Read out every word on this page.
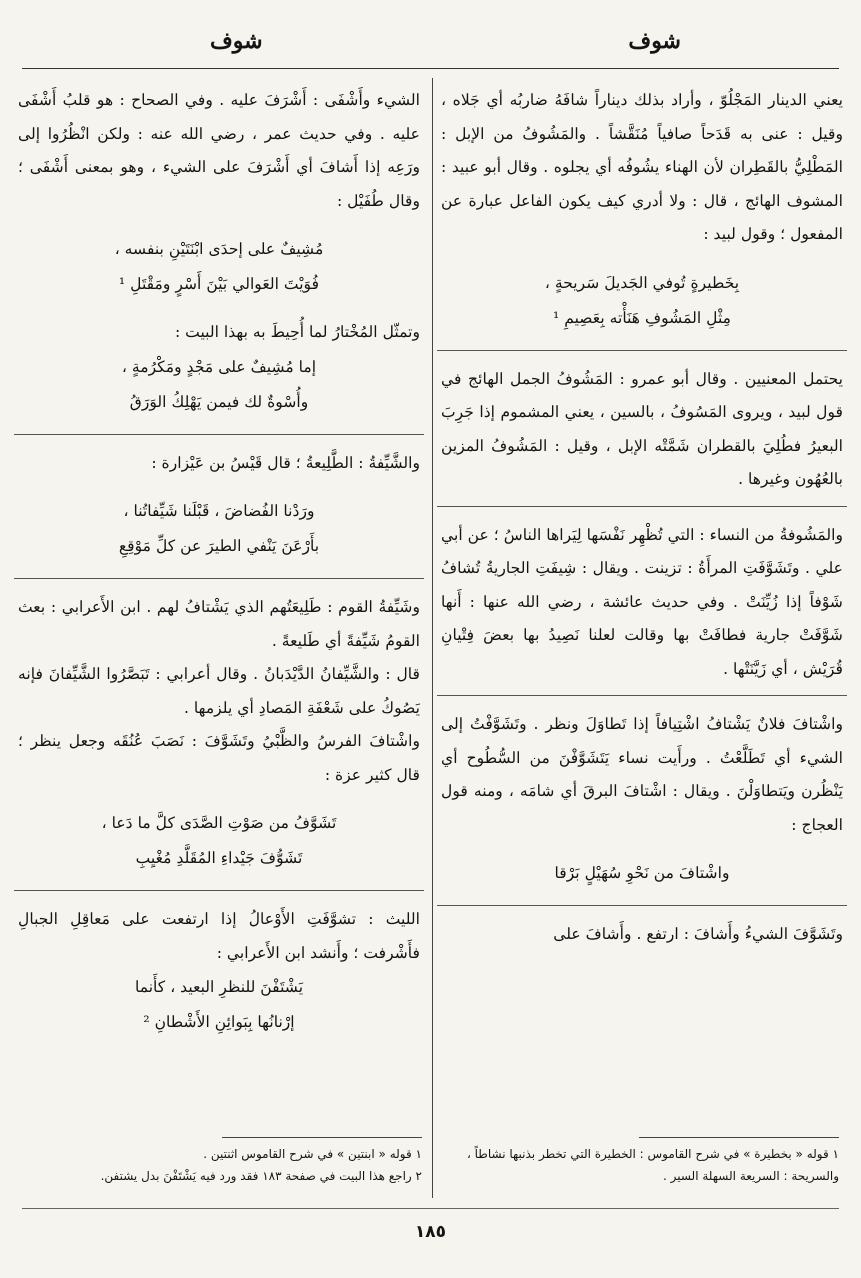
شوف
شوف

يعني الدينار المَجْلُوّ ، وأراد بذلك ديناراً شافَهُ ضاربُه أي جَلاه ، وقيل : عنى به قَدَحاً صافياً مُنَقَّشاً . والمَشُوفُ من الإبل : المَطْلِيُّ بالقَطِران لأن الهناء يشُوفُه أي يجلوه . وقال أبو عبيد : المشوف الهائج ، قال : ولا أدري كيف يكون الفاعل عبارة عن المفعول ؛ وقول لبيد :

بِخَطيرةٍ تُوفي الجَديلَ سَريحةٍ ،
مِثْلِ المَشُوفِ هَنَأْته بِعَصِيمِ ¹

يحتمل المعنيين . وقال أبو عمرو : المَشُوفُ الجمل الهائج في قول لبيد ، ويروى المَسُوفُ ، بالسين ، يعني المشموم إذا جَرِبَ البعيرُ فطُلِيَ بالقطران شَمَّتْه الإبل ، وقيل : المَشُوفُ المزين بالعُهُون وغيرها .

والمَشُوفةُ من النساء : التي تُظْهِر نَفْسَها لِيَراها الناسُ ؛ عن أبي علي . وتَشَوَّفَتِ المرأَةُ : تزينت . ويقال : شِيفَتِ الجاريةُ تُشافُ شَوْفاً إذا زُيِّنَتْ . وفي حديث عائشة ، رضي الله عنها : أَنها شَوَّفَتْ جارية فطافَتْ بها وقالت لعلنا نَصِيدُ بها بعضَ فِتْيانِ قُرَيْش ، أي زَيَّنَتْها .

واشْتافَ فلانٌ يَشْتافُ اشْتِيافاً إذا تَطاوَلَ ونظر . وتَشَوَّفْتُ إلى الشيء أي تَطَلَّعْتُ . ورأَيت نساء يَتَشَوَّفْنَ من السُّطُوح أي يَنْظُرن ويَتطاوَلْنَ . ويقال : اشْتافَ البرقَ أي شامَه ، ومنه قول العجاج :

واشْتافَ من نَحْوِ سُهَيْلٍ بَرْقا

وتَشَوَّفَ الشيءُ وأَشافَ : ارتفع . وأَشافَ على

الشيء وأَشْفَى : أَشْرَفَ عليه . وفي الصحاح : هو قلبُ أَشْفَى عليه . وفي حديث عمر ، رضي الله عنه : ولكن انْظُرُوا إلى ورَعِه إذا أَشافَ أي أَشْرَفَ على الشيء ، وهو بمعنى أَشْفَى ؛ وقال طُفَيْل :

مُشِيفٌ على إحدَى ابْنَتَيْنِ بنفسه ،
فُوَيْتَ العَوالي بَيْنَ أَسْرٍ ومَقْتَلِ ¹

وتمثّل المُخْتارُ لما أُحِيطَ به بهذا البيت :

إما مُشِيفٌ على مَجْدٍ ومَكْرُمةٍ ،
وأُسْوةٌ لك فيمن يَهْلِكُ الوَرَقُ

والشَّيِّفةُ : الطَّلِيعةُ ؛ قال قَيْسُ بن عَيْزارة :

ورَدْنا الفُضاضَ ، قَبْلَنا شَيِّفاتُنا ،
بأَرْعَنَ يَنْفي الطيرَ عن كلِّ مَوْقِعِ

وشَيِّفةُ القوم : طَلِيعَتُهم الذي يَشْتافُ لهم . ابن الأَعرابي : بعث القومُ شَيِّفةً أي طَليعةً .

قال : والشَّيِّفانُ الدَّيْدَبانُ . وقال أعرابي : تَبَصَّرُوا الشَّيِّفانَ فإنه يَصُوكُ على شَعْفَةِ المَصادِ أي يلزمها .

واشْتافَ الفرسُ والظَّبْيُ وتَشَوَّفَ : نَصَبَ عُنُقَه وجعل ينظر ؛ قال كثير عزة :

تَشَوَّفُ من صَوْتِ الصَّدَى كلَّ ما دَعا ،
تَشَوُّفَ جَيْداءِ المُقَلَّدِ مُغْيِبِ

الليث : تشوَّفَتِ الأَوْعالُ إذا ارتفعت على مَعاقِلِ الجبالِ فأَشْرفت ؛ وأَنشد ابن الأَعرابي :

يَشْتَفْنَ للنظرِ البعيد ، كأَنما
إرْنانُها بِبَوائِنِ الأَشْطانِ ²
١ قوله « بخطيرة » في شرح القاموس : الخطيرة التي تخطر بذنبها نشاطاً ، والسريحة : السريعة السهلة السير .
١ قوله « ابنتين » في شرح القاموس اثنتين .
٢ راجع هذا البيت في صفحة ١٨٣ فقد ورد فيه يَشْتَفْنَ بدل يشتفن.
١٨٥
